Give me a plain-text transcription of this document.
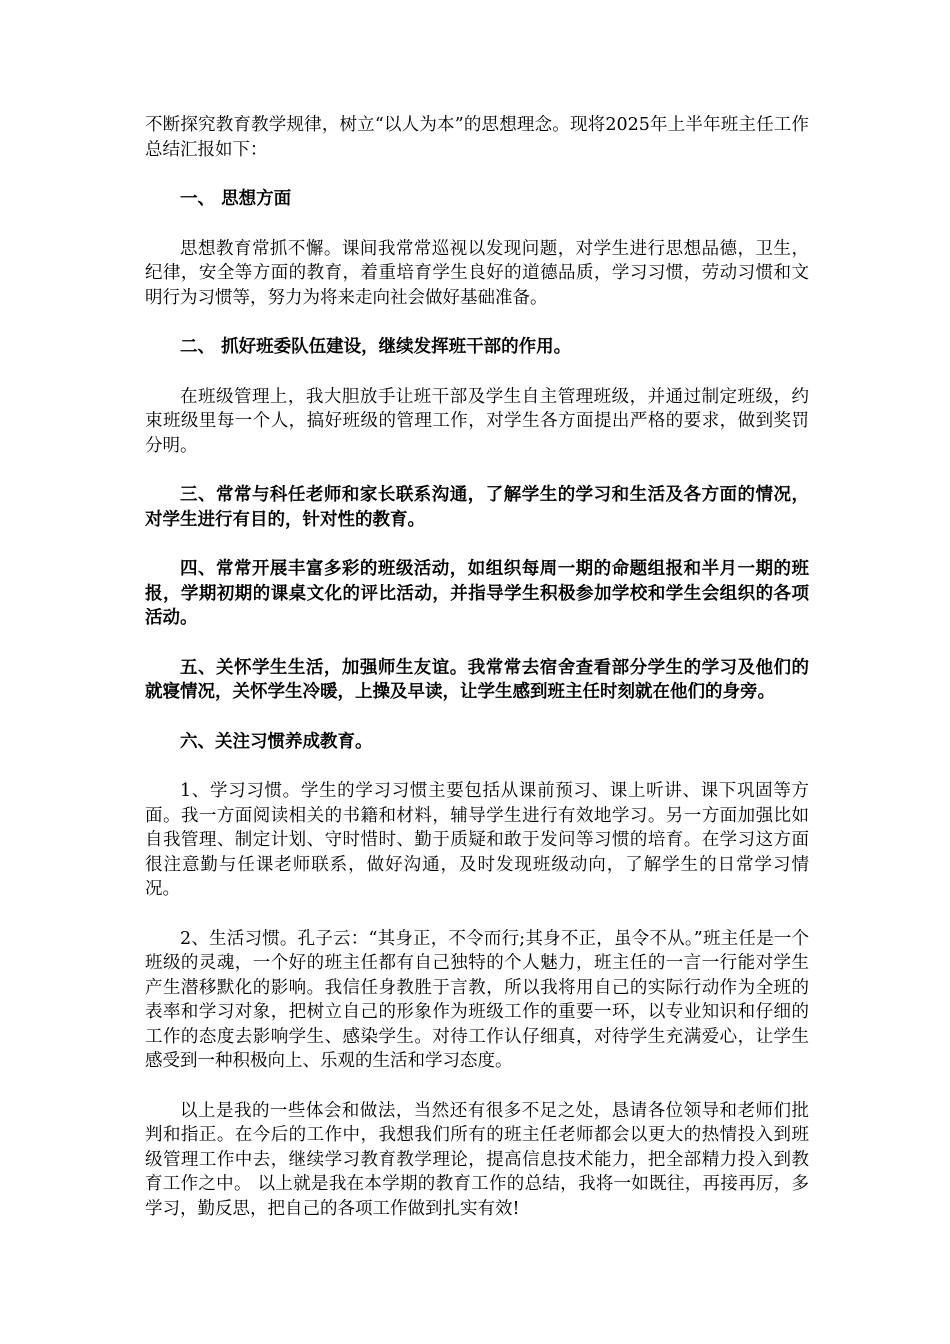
不断探究教育教学规律，树立“以人为本”的思想理念。现将2025年上半年班主任工作总结汇报如下：

一、 思想方面

思想教育常抓不懈。课间我常常巡视以发现问题，对学生进行思想品德，卫生，纪律，安全等方面的教育，着重培育学生良好的道德品质，学习习惯，劳动习惯和文明行为习惯等，努力为将来走向社会做好基础准备。

二、 抓好班委队伍建设，继续发挥班干部的作用。

在班级管理上，我大胆放手让班干部及学生自主管理班级，并通过制定班级，约束班级里每一个人，搞好班级的管理工作，对学生各方面提出严格的要求，做到奖罚分明。

三、常常与科任老师和家长联系沟通，了解学生的学习和生活及各方面的情况，对学生进行有目的，针对性的教育。

四、常常开展丰富多彩的班级活动，如组织每周一期的命题组报和半月一期的班报，学期初期的课桌文化的评比活动，并指导学生积极参加学校和学生会组织的各项活动。

五、关怀学生生活，加强师生友谊。我常常去宿舍查看部分学生的学习及他们的就寝情况，关怀学生冷暖，上操及早读，让学生感到班主任时刻就在他们的身旁。

六、关注习惯养成教育。

1、学习习惯。学生的学习习惯主要包括从课前预习、课上听讲、课下巩固等方面。我一方面阅读相关的书籍和材料，辅导学生进行有效地学习。另一方面加强比如自我管理、制定计划、守时惜时、勤于质疑和敢于发问等习惯的培育。在学习这方面很注意勤与任课老师联系，做好沟通，及时发现班级动向，了解学生的日常学习情况。

2、生活习惯。孔子云：“其身正，不令而行;其身不正，虽令不从。”班主任是一个班级的灵魂，一个好的班主任都有自己独特的个人魅力，班主任的一言一行能对学生产生潜移默化的影响。我信任身教胜于言教，所以我将用自己的实际行动作为全班的表率和学习对象，把树立自己的形象作为班级工作的重要一环，以专业知识和仔细的工作的态度去影响学生、感染学生。对待工作认仔细真，对待学生充满爱心，让学生感受到一种积极向上、乐观的生活和学习态度。

以上是我的一些体会和做法，当然还有很多不足之处，恳请各位领导和老师们批判和指正。在今后的工作中，我想我们所有的班主任老师都会以更大的热情投入到班级管理工作中去，继续学习教育教学理论，提高信息技术能力，把全部精力投入到教育工作之中。 以上就是我在本学期的教育工作的总结，我将一如既往，再接再厉，多学习，勤反思，把自己的各项工作做到扎实有效!
